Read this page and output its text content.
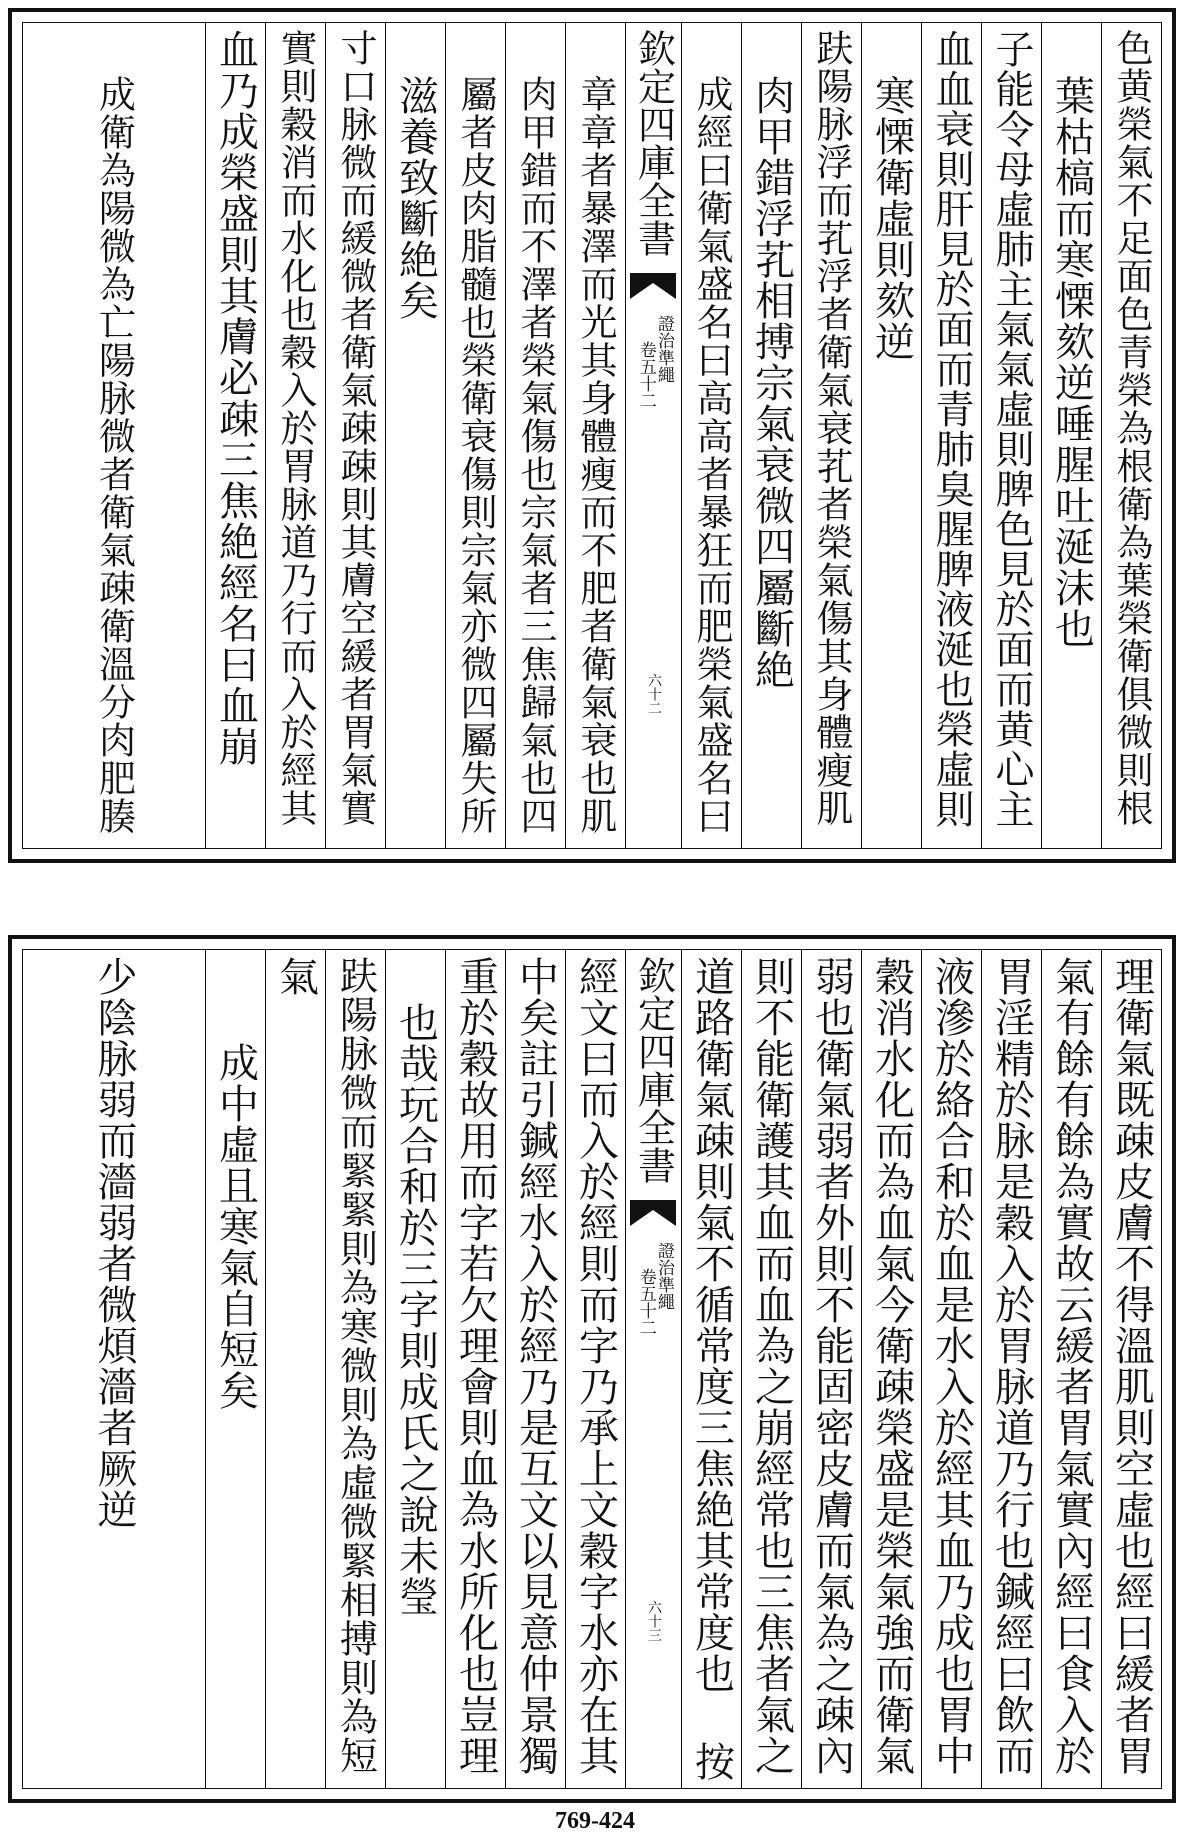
色黄榮氣不足面色青榮為根衛為葉榮衛俱微則根
葉枯槁而寒慄欬逆唾腥吐涎沫也
子能令母虛肺主氣氣虛則脾色見於面而黄心主
血血衰則肝見於面而青肺臭腥脾液涎也榮虛則
寒慄衛虛則欬逆
趺陽脉浮而芤浮者衛氣衰芤者榮氣傷其身體瘦肌
肉甲錯浮芤相搏宗氣衰微四屬斷絶
成經曰衛氣盛名曰高高者暴狂而肥榮氣盛名曰
欽定四庫全書
證治準繩
卷五十二
六十二
章章者暴澤而光其身體瘦而不肥者衛氣衰也肌
肉甲錯而不澤者榮氣傷也宗氣者三焦歸氣也四
屬者皮肉脂髓也榮衛衰傷則宗氣亦微四屬失所
滋養致斷絶矣
寸口脉微而緩微者衛氣疎疎則其膚空緩者胃氣實
實則穀消而水化也穀入於胃脉道乃行而入於經其
血乃成榮盛則其膚必疎三焦絶經名曰血崩
成衛為陽微為亡陽脉微者衛氣疎衛溫分肉肥腠
理衛氣既疎皮膚不得溫肌則空虛也經曰緩者胃
氣有餘有餘為實故云緩者胃氣實內經曰食入於
胃淫精於脉是穀入於胃脉道乃行也鍼經曰飲而
液滲於絡合和於血是水入於經其血乃成也胃中
穀消水化而為血氣今衛疎榮盛是榮氣強而衛氣
弱也衛氣弱者外則不能固密皮膚而氣為之疎內
則不能衛護其血而血為之崩經常也三焦者氣之
道路衛氣疎則氣不循常度三焦絶其常度也 按
欽定四庫全書
證治準繩
卷五十二
六十三
經文曰而入於經則而字乃承上文穀字水亦在其
中矣註引鍼經水入於經乃是互文以見意仲景獨
重於穀故用而字若欠理會則血為水所化也豈理
也哉玩合和於三字則成氏之說未瑩
趺陽脉微而緊緊則為寒微則為虛微緊相搏則為短
氣
成中虛且寒氣自短矣
少陰脉弱而濇弱者微煩濇者厥逆
769-424
